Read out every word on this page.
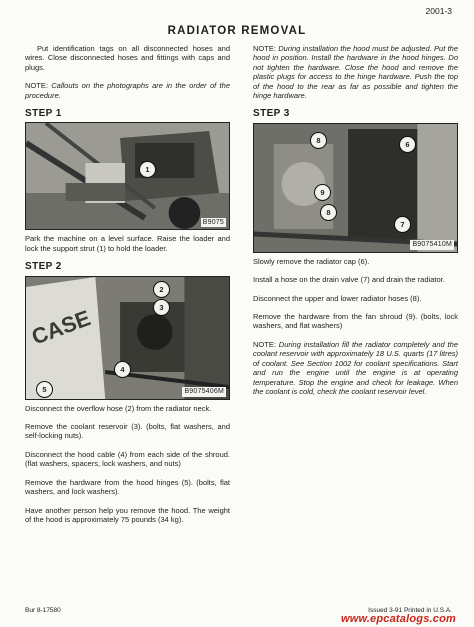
2001-3
RADIATOR REMOVAL

Put identification tags on all disconnected hoses and wires. Close disconnected hoses and fittings with caps and plugs.

NOTE: Callouts on the photographs are in the order of the procedure.

STEP 1
1
B9075

Park the machine on a level surface. Raise the loader and lock the support strut (1) to hold the loader.

STEP 2
CASE
2
3
4
5	B9075406M

Disconnect the overflow hose (2) from the radiator neck.

Remove the coolant reservoir (3). (bolts, flat washers, and self-locking nuts).

Disconnect the hood cable (4) from each side of the shroud. (flat washers, spacers, lock washers, and nuts)

Remove the hardware from the hood hinges (5). (bolts, flat washers, and lock washers).

Have another person help you remove the hood. The weight of the hood is approximately 75 pounds (34 kg).

NOTE: During installation the hood must be adjusted. Put the hood in position. Install the hardware in the hood hinges. Do not tighten the hardware. Close the hood and remove the plastic plugs for access to the hinge hardware. Push the top of the hood to the rear as far as possible and tighten the hinge hardware.

STEP 3
8	6
9
8
7
B9075410M

Slowly remove the radiator cap (6).

Install a hose on the drain valve (7) and drain the radiator.

Disconnect the upper and lower radiator hoses (8).

Remove the hardware from the fan shroud (9). (bolts, lock washers, and flat washers)

NOTE: During installation fill the radiator completely and the coolant reservoir with approximately 18 U.S. quarts (17 litres) of coolant. See Section 1002 for coolant specifications. Start and run the engine until the engine is at operating temperature. Stop the engine and check for leakage. When the coolant is cold, check the coolant reservoir level.

Bur 8-17580	Issued 3-91 Printed in U.S.A.
www.epcatalogs.com
